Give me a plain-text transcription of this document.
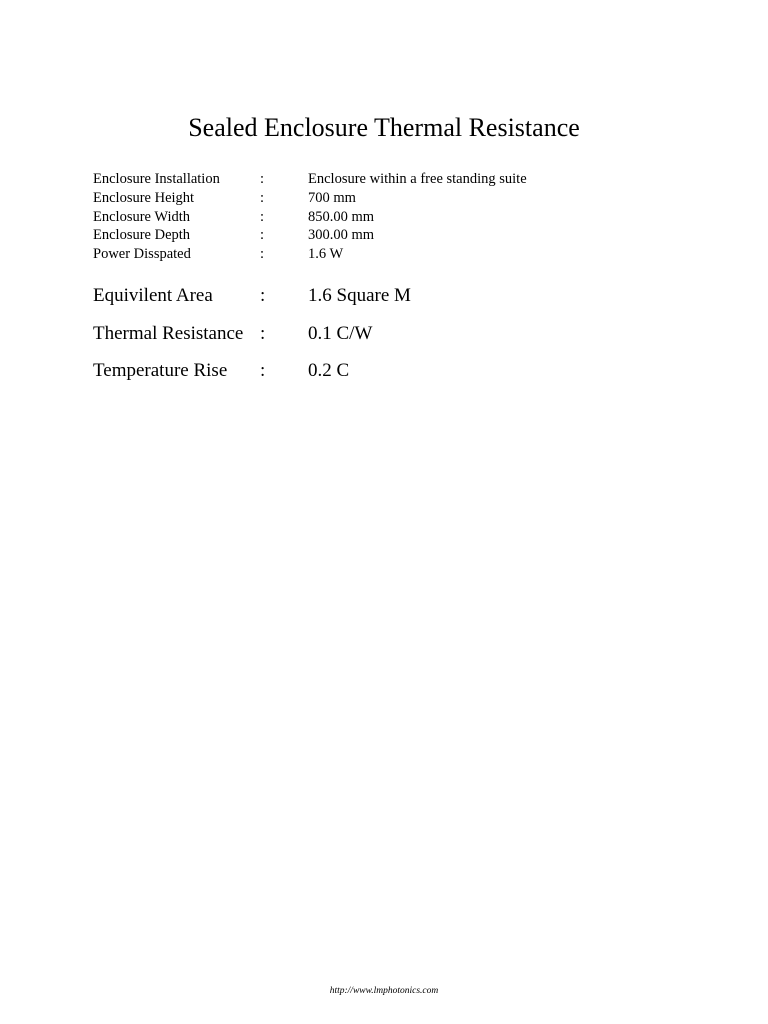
Sealed Enclosure Thermal Resistance
Enclosure Installation	:	Enclosure within a free standing suite
Enclosure Height	:	700 mm
Enclosure Width	:	850.00 mm
Enclosure Depth	:	300.00 mm
Power Disspated	:	1.6 W
Equivilent Area : 1.6 Square M
Thermal Resistance : 0.1 C/W
Temperature Rise : 0.2 C
http://www.lmphotonics.com
